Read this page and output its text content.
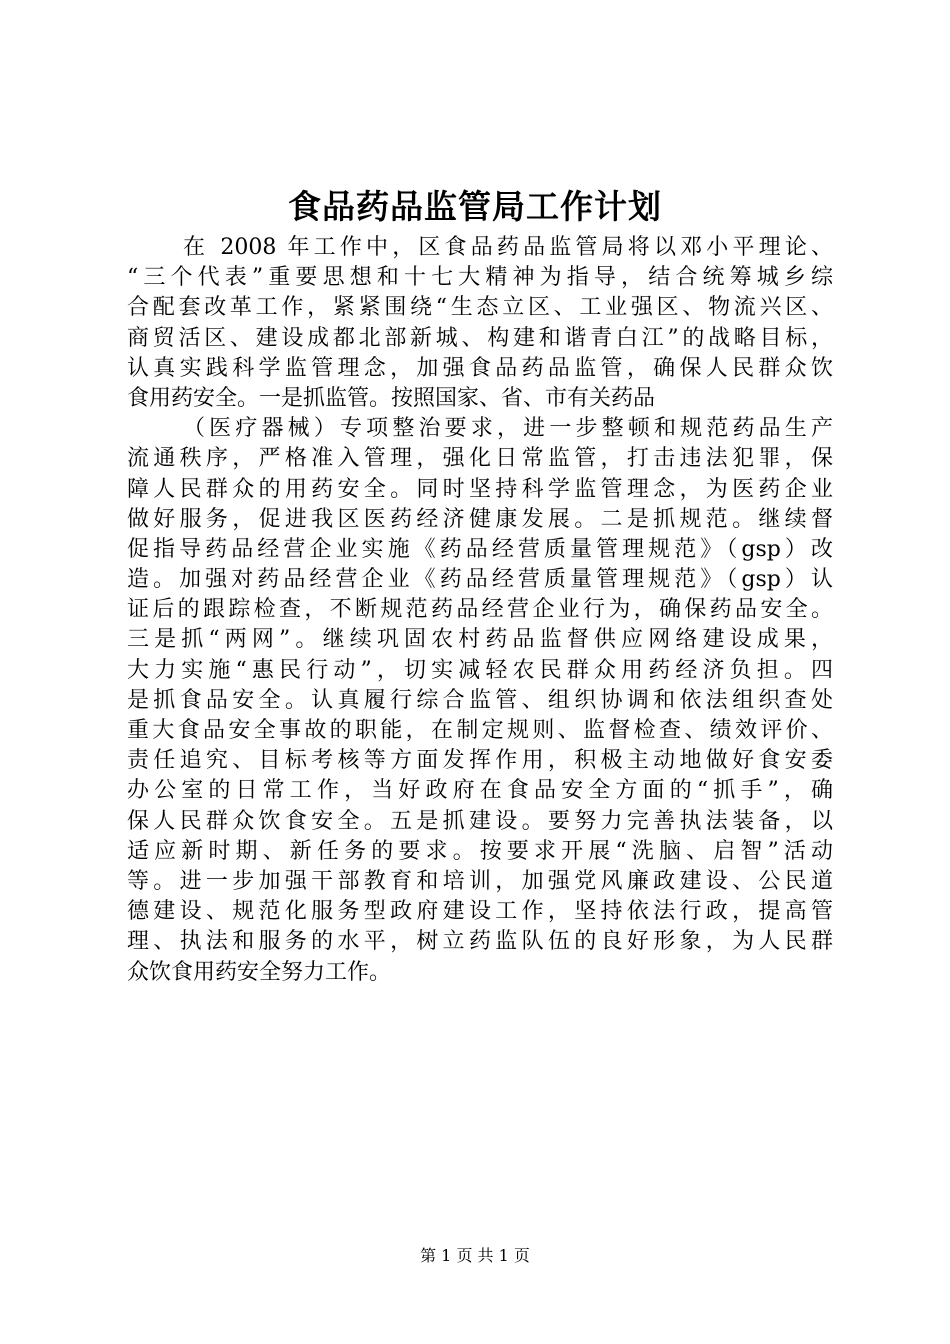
食品药品监管局工作计划
在 2008 年工作中，区食品药品监管局将以邓小平理论、
“三个代表”重要思想和十七大精神为指导，结合统筹城乡综
合配套改革工作，紧紧围绕“生态立区、工业强区、物流兴区、
商贸活区、建设成都北部新城、构建和谐青白江”的战略目标，
认真实践科学监管理念，加强食品药品监管，确保人民群众饮
食用药安全。一是抓监管。按照国家、省、市有关药品
（医疗器械）专项整治要求，进一步整顿和规范药品生产
流通秩序，严格准入管理，强化日常监管，打击违法犯罪，保
障人民群众的用药安全。同时坚持科学监管理念，为医药企业
做好服务，促进我区医药经济健康发展。二是抓规范。继续督
促指导药品经营企业实施《药品经营质量管理规范》（gsp）改
造。加强对药品经营企业《药品经营质量管理规范》（gsp）认
证后的跟踪检查，不断规范药品经营企业行为，确保药品安全。
三是抓“两网”。继续巩固农村药品监督供应网络建设成果，
大力实施“惠民行动”，切实减轻农民群众用药经济负担。四
是抓食品安全。认真履行综合监管、组织协调和依法组织查处
重大食品安全事故的职能，在制定规则、监督检查、绩效评价、
责任追究、目标考核等方面发挥作用，积极主动地做好食安委
办公室的日常工作，当好政府在食品安全方面的“抓手”，确
保人民群众饮食安全。五是抓建设。要努力完善执法装备，以
适应新时期、新任务的要求。按要求开展“洗脑、启智”活动
等。进一步加强干部教育和培训，加强党风廉政建设、公民道
德建设、规范化服务型政府建设工作，坚持依法行政，提高管
理、执法和服务的水平，树立药监队伍的良好形象，为人民群
众饮食用药安全努力工作。
第 1 页 共 1 页
